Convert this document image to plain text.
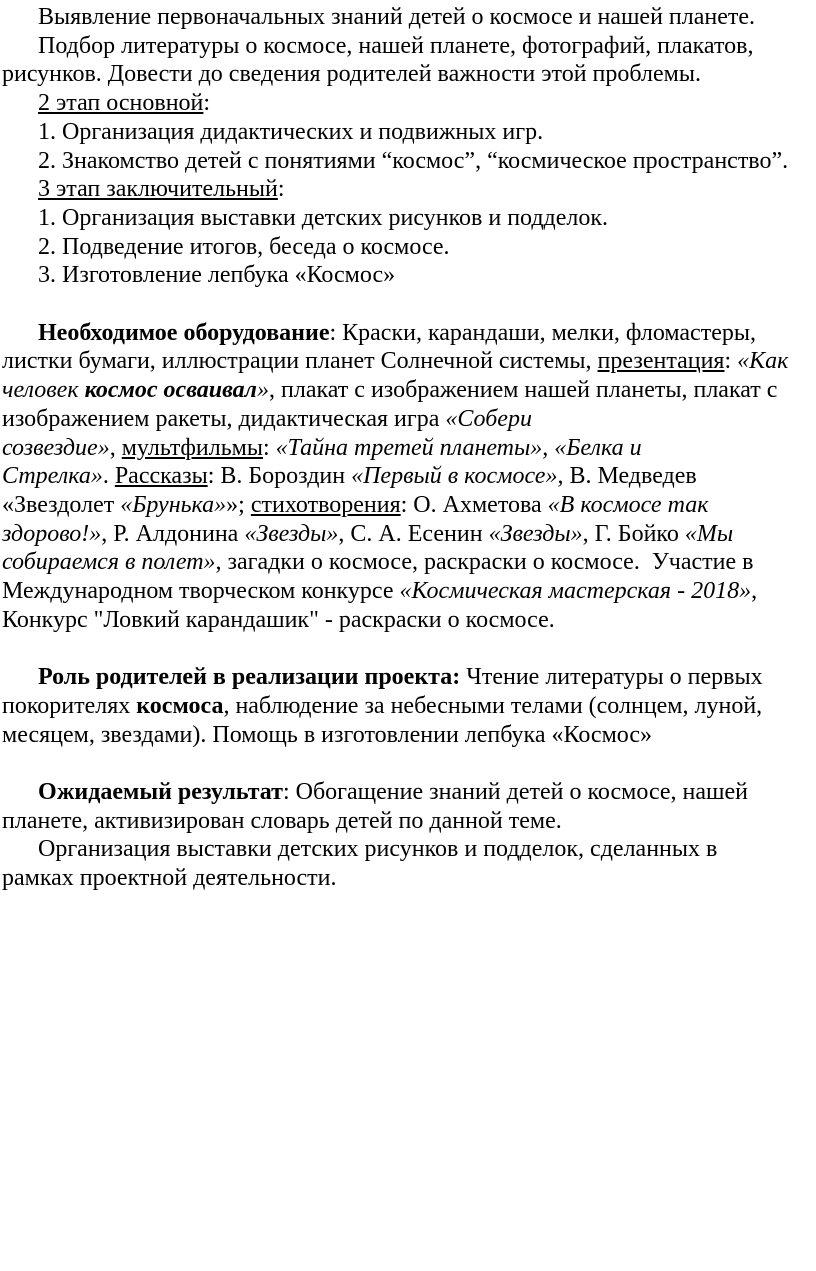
Выявление первоначальных знаний детей о космосе и нашей планете.
Подбор литературы о космосе, нашей планете, фотографий, плакатов,
рисунков. Довести до сведения родителей важности этой проблемы.
2 этап основной:
1. Организация дидактических и подвижных игр.
2. Знакомство детей с понятиями “космос”, “космическое пространство”.
3 этап заключительный:
1. Организация выставки детских рисунков и подделок.
2. Подведение итогов, беседа о космосе.
3. Изготовление лепбука «Космос»
Необходимое оборудование: Краски, карандаши, мелки, фломастеры,
листки бумаги, иллюстрации планет Солнечной системы, презентация: «Как
человек космос осваивал», плакат с изображением нашей планеты, плакат с
изображением ракеты, дидактическая игра «Собери
созвездие», мультфильмы: «Тайна третей планеты», «Белка и
Стрелка». Рассказы: В. Бороздин «Первый в космосе», В. Медведев
«Звездолет «Брунька»»; стихотворения: О. Ахметова «В космосе так
здорово!», Р. Алдонина «Звезды», С. А. Есенин «Звезды», Г. Бойко «Мы
собираемся в полет», загадки о космосе, раскраски о космосе.  Участие в
Международном творческом конкурсе «Космическая мастерская - 2018»,
Конкурс "Ловкий карандашик" - раскраски о космосе.
Роль родителей в реализации проекта: Чтение литературы о первых
покорителях космоса, наблюдение за небесными телами (солнцем, луной,
месяцем, звездами). Помощь в изготовлении лепбука «Космос»
Ожидаемый результат: Обогащение знаний детей о космосе, нашей
планете, активизирован словарь детей по данной теме.
Организация выставки детских рисунков и подделок, сделанных в
рамках проектной деятельности.
